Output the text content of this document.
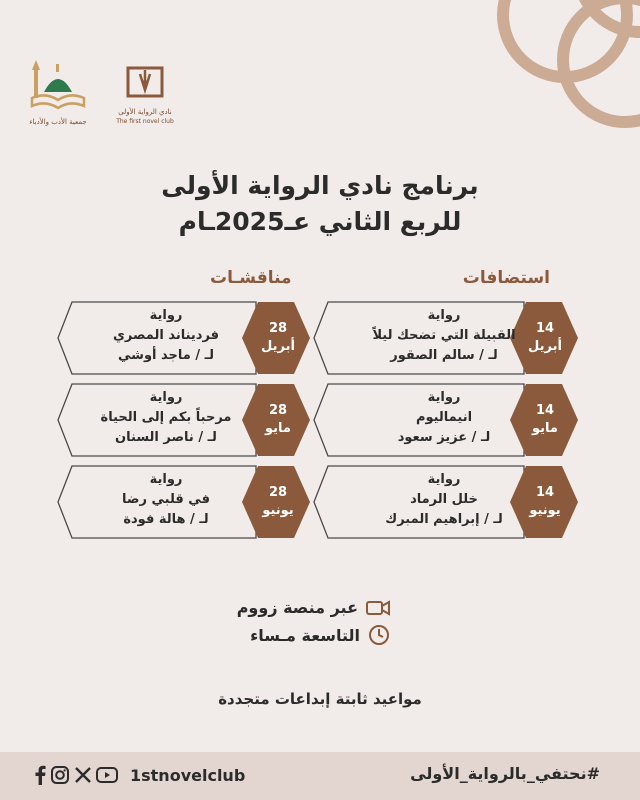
نادي الرواية الأولى
The first novel club
جمعية الأدب والأدباء
برنامج نادي الرواية الأولى
للربع الثاني عـ2025ـام
استضافات
مناقشـات
14
أبريل
رواية
القبيلة التي تضحك ليلاً
لـ / سالم الصقور
14
مايو
رواية
انيماليوم
لـ / عزيز سعود
14
يونيو
رواية
خلل الرماد
لـ / إبراهيم المبرك
28
أبريل
رواية
فرديناند المصري
لـ / ماجد أوشي
28
مايو
رواية
مرحباً بكم إلى الحياة
لـ / ناصر السنان
28
يونيو
رواية
في قلبي رضا
لـ / هالة فودة
عبر منصة زووم
التاسعة مـساء
مواعيد ثابتة إبداعات متجددة
#نحتفي_بالرواية_الأولى
1stnovelclub
